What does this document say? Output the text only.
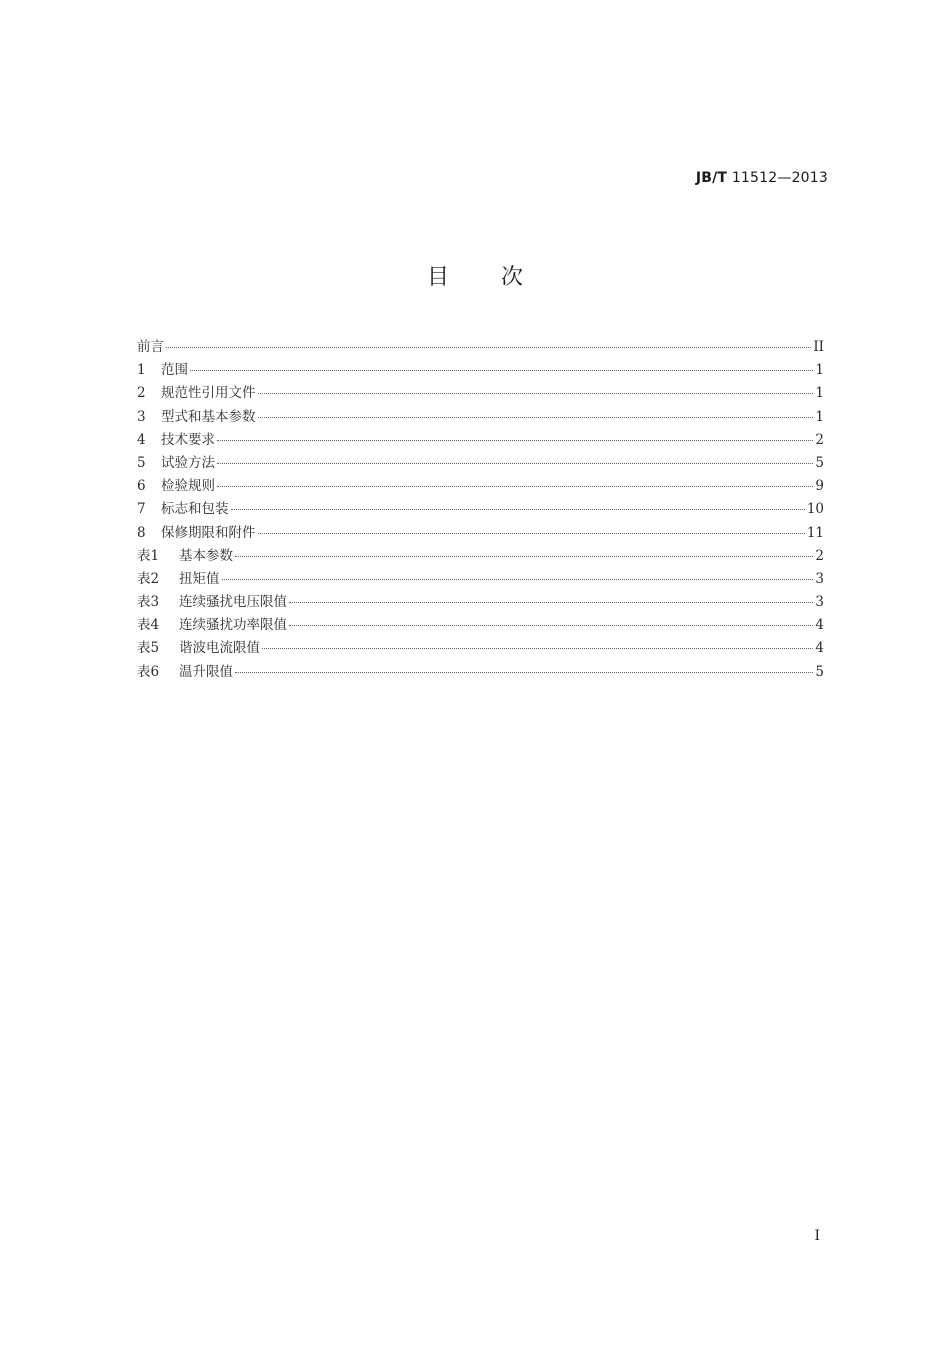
JB/T 11512—2013
目次
前言	II
1	范围	1
2	规范性引用文件	1
3	型式和基本参数	1
4	技术要求	2
5	试验方法	5
6	检验规则	9
7	标志和包装	10
8	保修期限和附件	11
表1	基本参数	2
表2	扭矩值	3
表3	连续骚扰电压限值	3
表4	连续骚扰功率限值	4
表5	谐波电流限值	4
表6	温升限值	5
I
